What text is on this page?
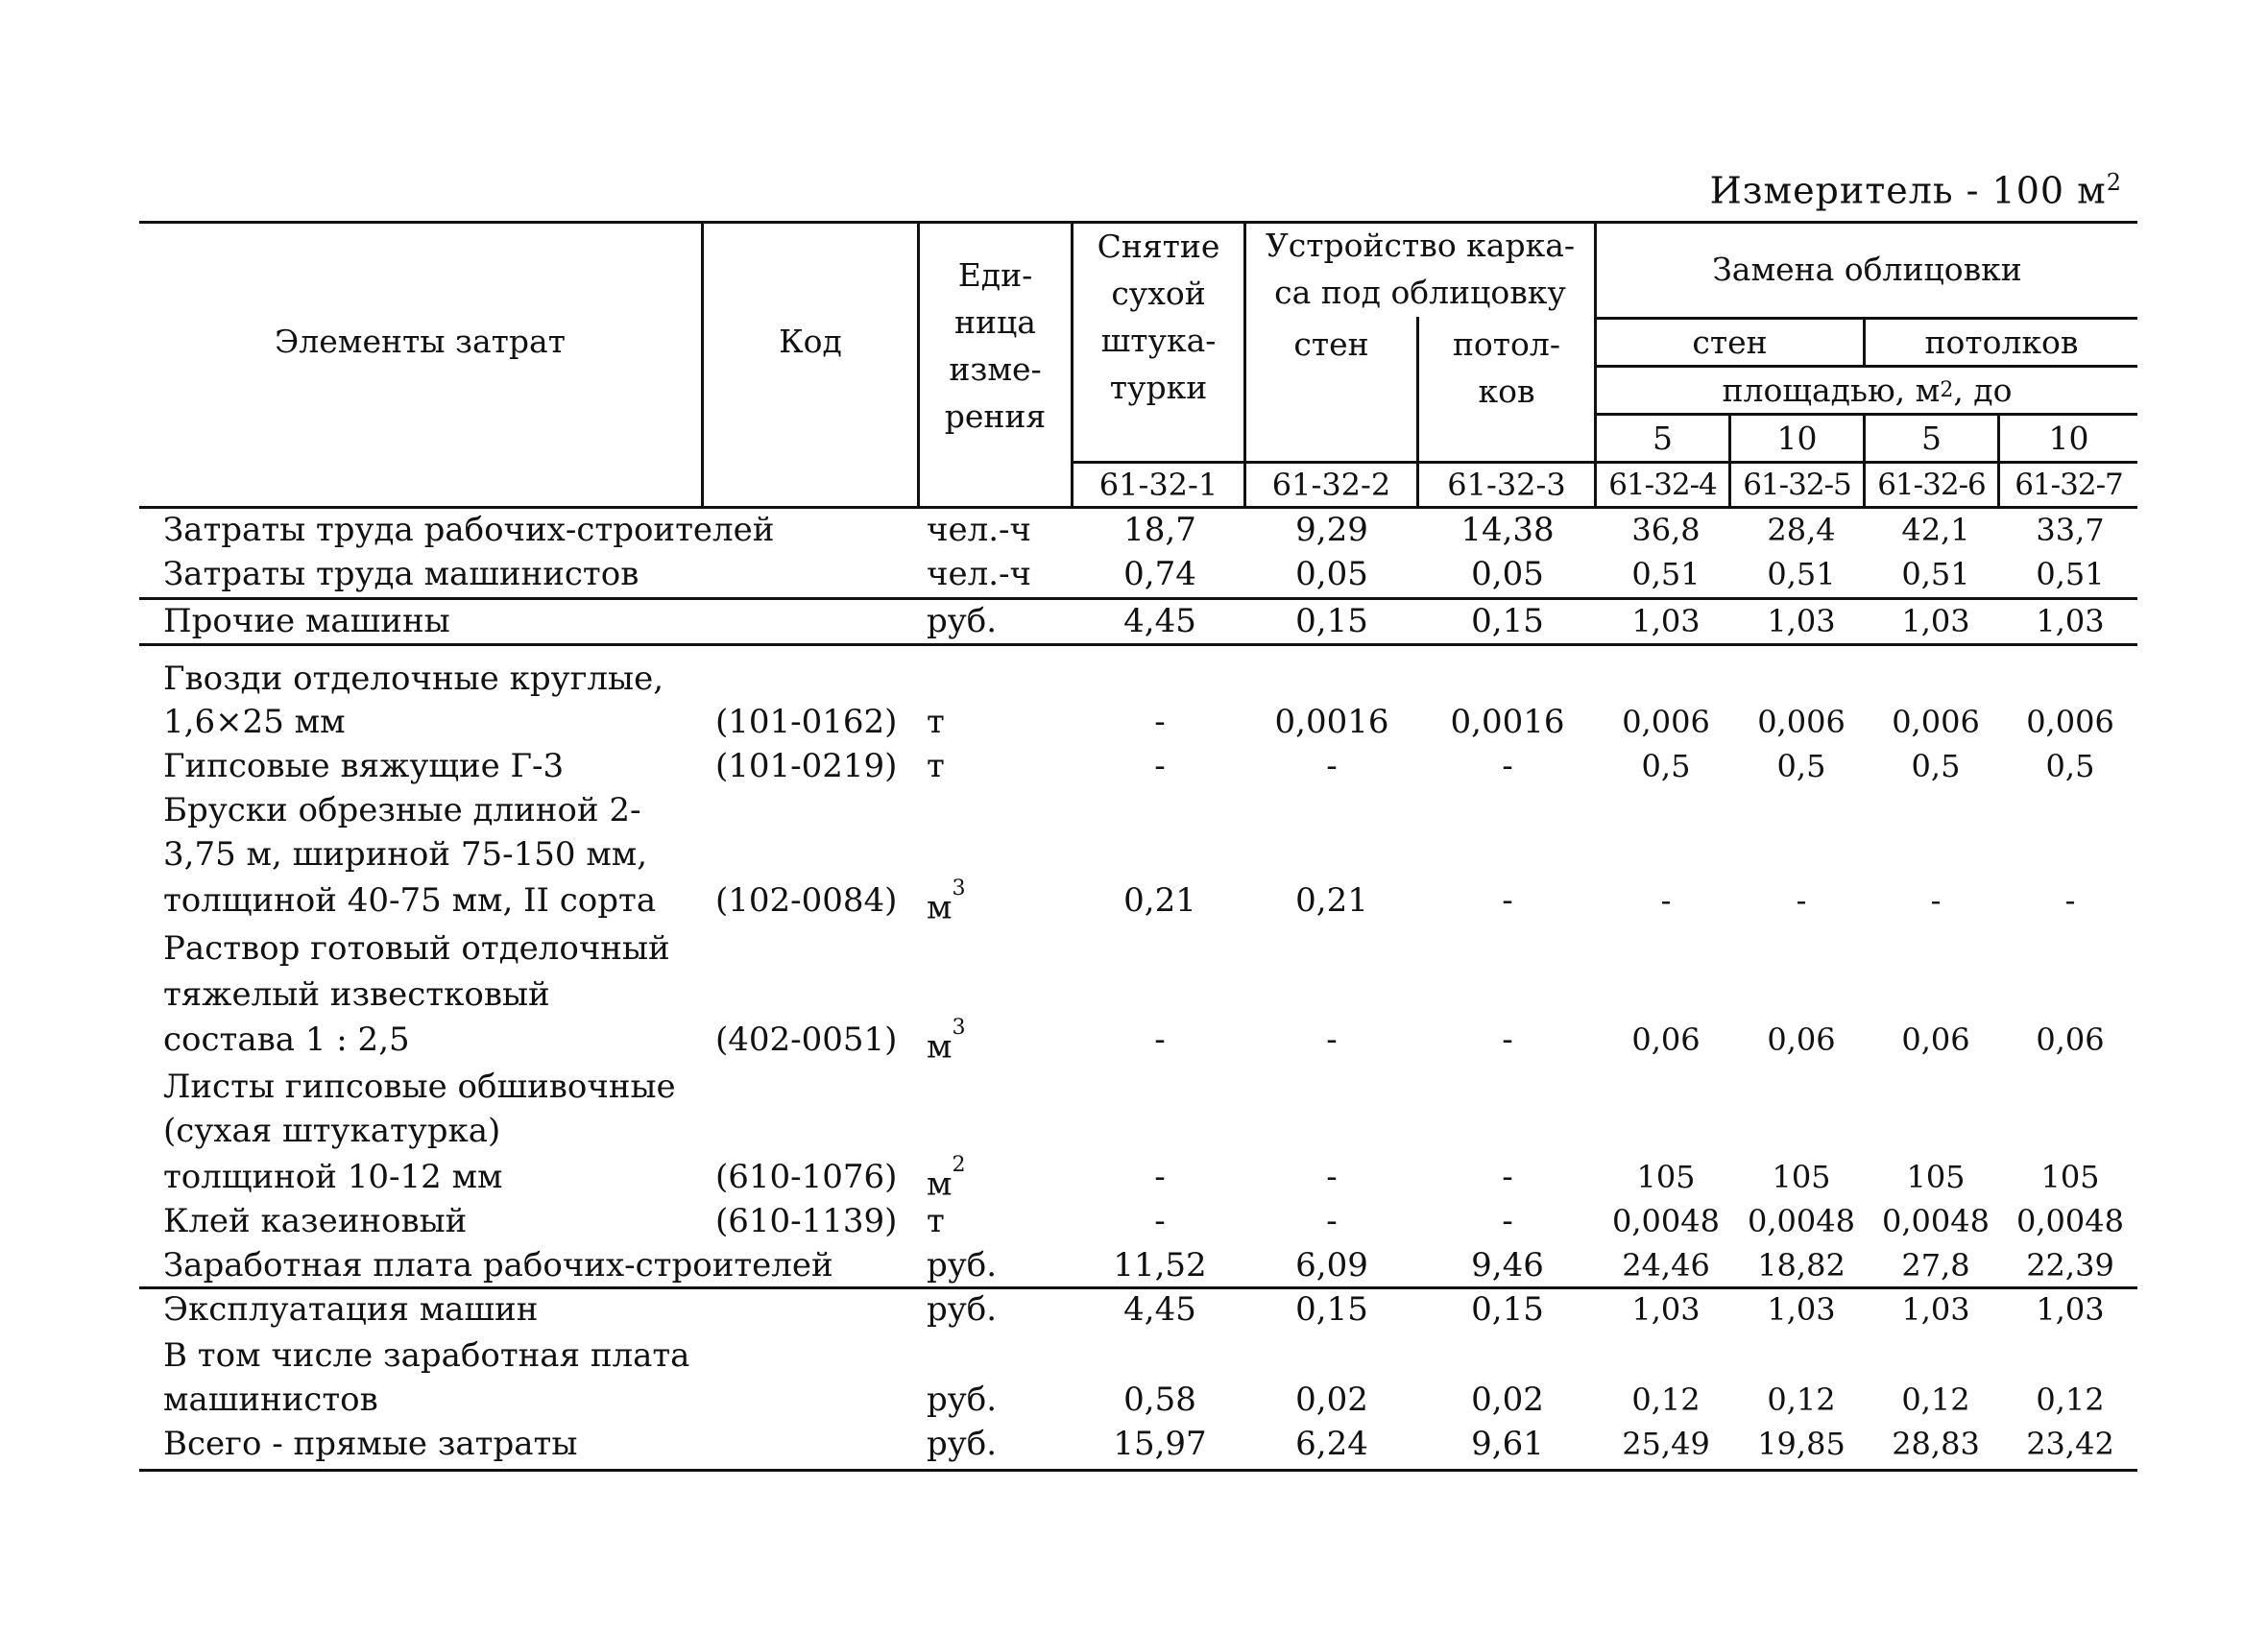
Измеритель - 100 $м^2$
Элементы затрат	Код
Еди-
ница
изме-
рения
Снятие
сухой
штука-
турки
Устройство карка-
са под облицовку
стен	потол-
ков
Замена облицовки
стен	потолков
площадью, м 2 , до
5	10	5	10
61-32-1	61-32-2	61-32-3	61-32-4 61-32-5 61-32-6 61-32-7
Затраты труда рабочих-строителей	чел.-ч	18,7	9,29	14,38	36,8	28,4	42,1	33,7
Затраты труда машинистов	чел.-ч	0,74	0,05	0,05	0,51	0,51	0,51	0,51
Прочие машины	руб.	4,45	0,15	0,15	1,03	1,03	1,03	1,03
Гвозди отделочные круглые,
1,6×25 мм	(101-0162) т	-	0,0016	0,0016	0,006	0,006	0,006	0,006
Гипсовые вяжущие Г-3	(101-0219) т	-	-	-	0,5	0,5	0,5	0,5
Бруски обрезные длиной 2-
3,75 м, шириной 75-150 мм,
толщиной 40-75 мм, II сорта (102-0084) $м^3$	0,21	0,21	-	-	-	-	-
Раствор готовый отделочный
тяжелый известковый
состава 1 : 2,5	(402-0051) $м^3$	-	-	-	0,06	0,06	0,06	0,06
Листы гипсовые обшивочные
(сухая штукатурка)
толщиной 10-12 мм	(610-1076) $м^2$	-	-	-	105	105	105	105
Клей казеиновый	(610-1139) т	-	-	-	0,0048 0,0048 0,0048 0,0048
Заработная плата рабочих-строителей	руб.	11,52	6,09	9,46	24,46	18,82	27,8	22,39
Эксплуатация машин	руб.	4,45	0,15	0,15	1,03	1,03	1,03	1,03
В том числе заработная плата
машинистов	руб.	0,58	0,02	0,02	0,12	0,12	0,12	0,12
Всего - прямые затраты	руб.	15,97	6,24	9,61	25,49	19,85	28,83	23,42
